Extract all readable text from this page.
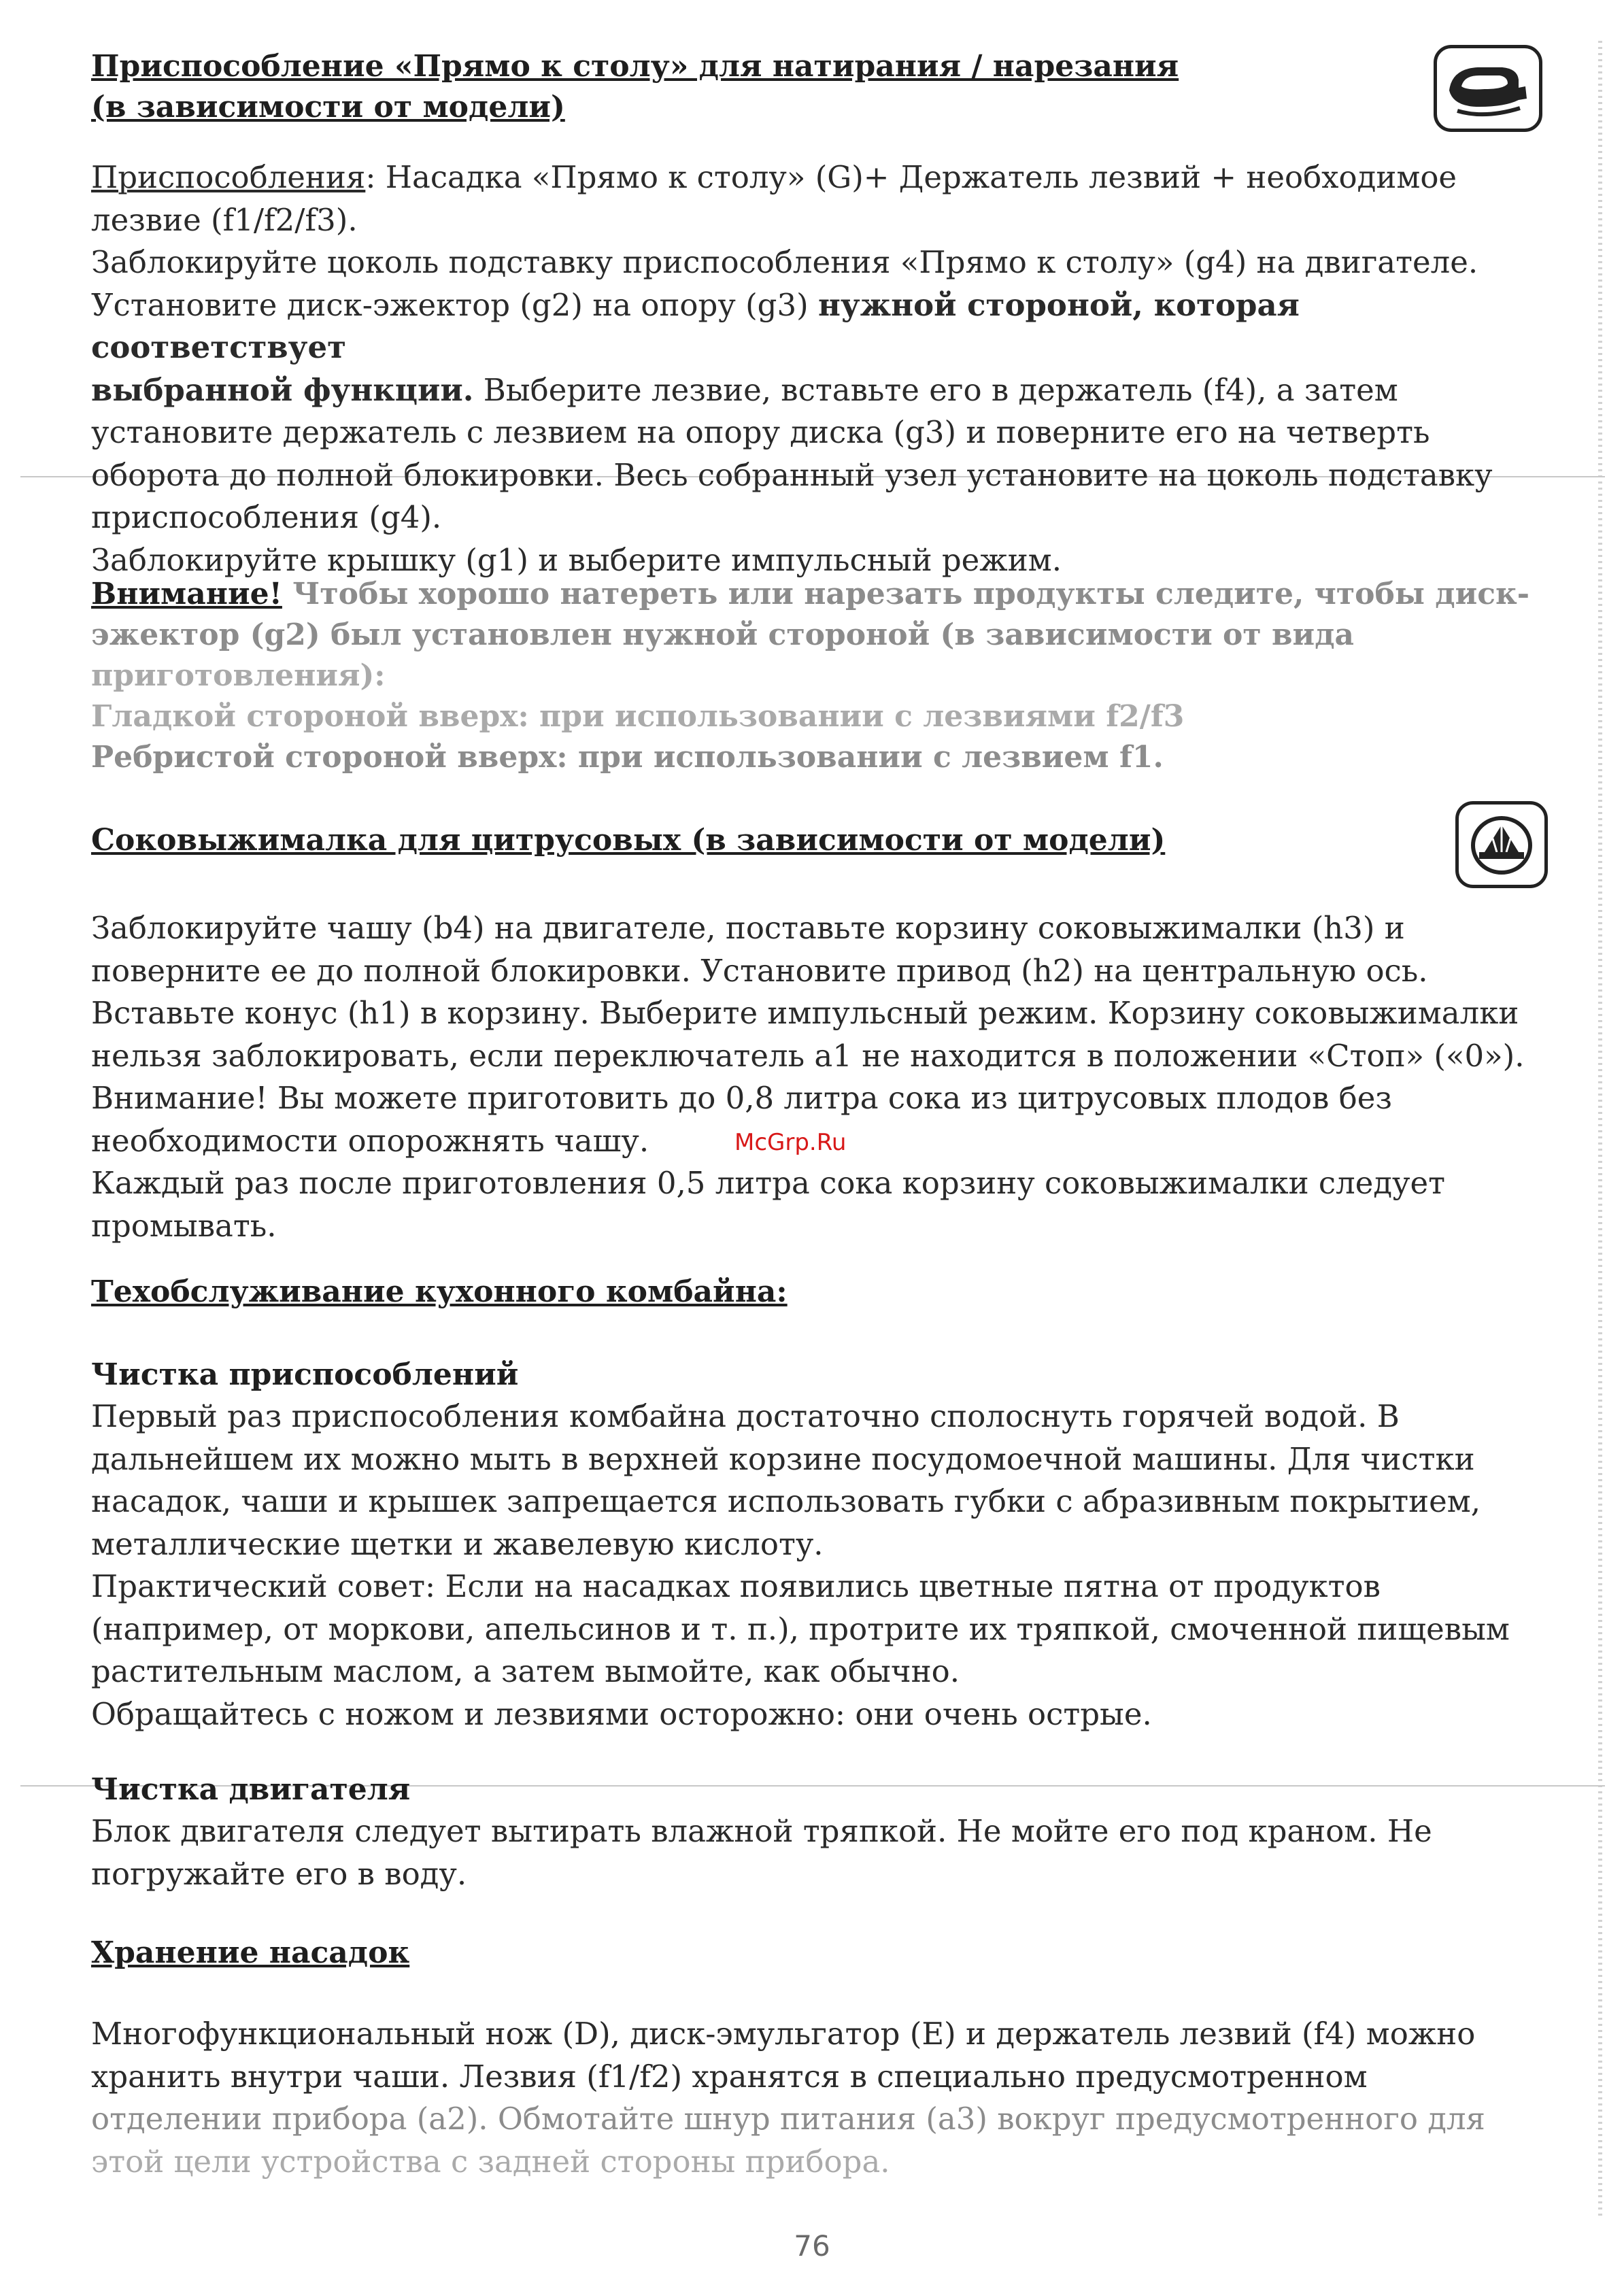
Приспособление «Прямо к столу» для натирания / нарезания

(в зависимости от модели)

Приспособления: Насадка «Прямо к столу» (G)+ Держатель лезвий + необходимое

лезвие (f1/f2/f3).

Заблокируйте цоколь подставку приспособления «Прямо к столу» (g4) на двигателе.

Установите диск-эжектор (g2) на опору (g3) нужной стороной, которая соответствует

выбранной функции. Выберите лезвие, вставьте его в держатель (f4), а затем

установите держатель с лезвием на опору диска (g3) и поверните его на четверть

оборота до полной блокировки. Весь собранный узел установите на цоколь подставку

приспособления (g4).

Заблокируйте крышку (g1) и выберите импульсный режим.

Внимание! Чтобы хорошо натереть или нарезать продукты следите, чтобы диск-

эжектор (g2) был установлен нужной стороной (в зависимости от вида

приготовления):

Гладкой стороной вверх: при использовании с лезвиями f2/f3

Ребристой стороной вверх: при использовании с лезвием f1.

Соковыжималка для цитрусовых (в зависимости от модели)

Заблокируйте чашу (b4) на двигателе, поставьте корзину соковыжималки (h3) и

поверните ее до полной блокировки. Установите привод (h2) на центральную ось.

Вставьте конус (h1) в корзину. Выберите импульсный режим. Корзину соковыжималки

нельзя заблокировать, если переключатель a1 не находится в положении «Стоп» («0»).

Внимание! Вы можете приготовить до 0,8 литра сока из цитрусовых плодов без

необходимости опорожнять чашу.

Каждый раз после приготовления 0,5 литра сока корзину соковыжималки следует

промывать.

Техобслуживание кухонного комбайна:

Чистка приспособлений

Первый раз приспособления комбайна достаточно сполоснуть горячей водой. В

дальнейшем их можно мыть в верхней корзине посудомоечной машины. Для чистки

насадок, чаши и крышек запрещается использовать губки с абразивным покрытием,

металлические щетки и жавелевую кислоту.

Практический совет: Если на насадках появились цветные пятна от продуктов

(например, от моркови, апельсинов и т. п.), протрите их тряпкой, смоченной пищевым

растительным маслом, а затем вымойте, как обычно.

Обращайтесь с ножом и лезвиями осторожно: они очень острые.

Чистка двигателя

Блок двигателя следует вытирать влажной тряпкой. Не мойте его под краном. Не

погружайте его в воду.

Хранение насадок

Многофункциональный нож (D), диск-эмульгатор (E) и держатель лезвий (f4) можно

хранить внутри чаши. Лезвия (f1/f2) хранятся в специально предусмотренном

отделении прибора (a2). Обмотайте шнур питания (a3) вокруг предусмотренного для

этой цели устройства с задней стороны прибора.

McGrp.Ru
76
